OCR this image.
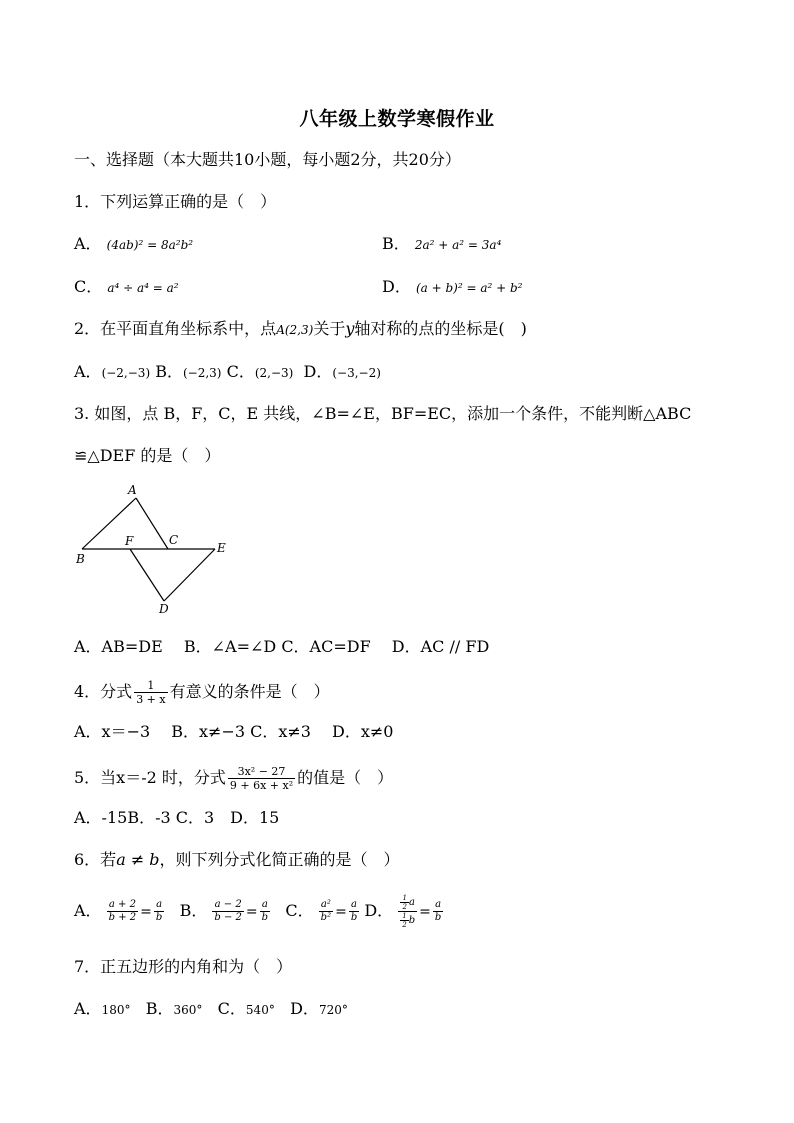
八年级上数学寒假作业
一、选择题（本大题共10小题，每小题2分，共20分）
1．下列运算正确的是（　）
A． (4ab)² = 8a²b²	B． 2a² + a² = 3a⁴
C． a⁴ ÷ a⁴ = a²	D． (a + b)² = a² + b²
2．在平面直角坐标系中，点A(2,3)关于y轴对称的点的坐标是(　)
A．(−2,−3) B．(−2,3) C．(2,−3) D．(−3,−2)
3. 如图，点 B，F，C，E 共线，∠B=∠E，BF=EC，添加一个条件，不能判断△ABC
≌△DEF 的是（　）
A
B
F	C
E
D
A．AB=DE　 B．∠A=∠D C．AC=DF　 D．AC // FD
4．分式 $\frac{1}{3 + x}$ 有意义的条件是（　）
A．x＝−3　 B．x≠−3 C．x≠3　 D．x≠0
5．当x＝-2 时，分式 $\frac{\text{3x² − 27}}{\text{9 + 6x + x²}}$ 的值是（　）
A．-15B．-3 C．3　D．15
6．若a ≠ b，则下列分式化简正确的是（　）
A． $\frac{a + 2}{b + 2} = \frac{a}{b}$ B． $\frac{a - 2}{b - 2} = \frac{a}{b}$ C． $\frac{\text{a²}}{\text{b²}} = \frac{a}{b}$ D． $\frac{\frac{1}{2} a}{\frac{1}{2} b} = \frac{a}{b}$
7．正五边形的内角和为（　）
A．180° B．360° C．540° D．720°
